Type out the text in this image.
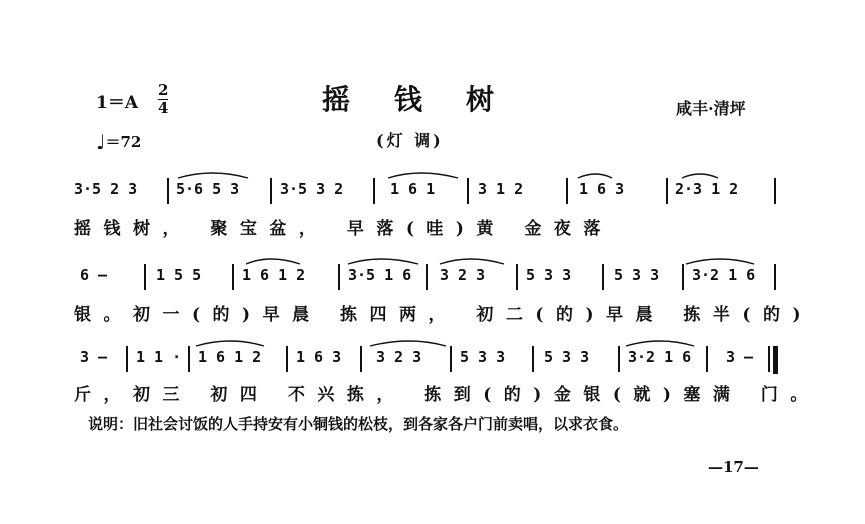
1＝A
2
4	摇钱树	咸丰·清坪
♩＝72	(灯 调)
3·5 2 3	5·6 5 3	3·5 3 2	1 6 1	3 1 2	1 6 3	2·3 1 2
摇钱树， 聚宝盆， 早落(哇)黄 金夜落
6 —	1 5 5	1 6 1 2	3·5 1 6 3 2 3	5 3 3	5 3 3 3·2 1 6
银。初一(的)早晨 拣四两， 初二(的)早晨 拣半(的)
3 — 1 1 · 1 6 1 2 1 6 3 3 2 3	5 3 3	5 3 3	3·2 1 6 3 —
斤，初三 初四 不兴拣， 拣到(的)金银(就)塞满 门。
说明：旧社会讨饭的人手持安有小铜钱的松枝，到各家各户门前卖唱，以求衣食。
—17—
